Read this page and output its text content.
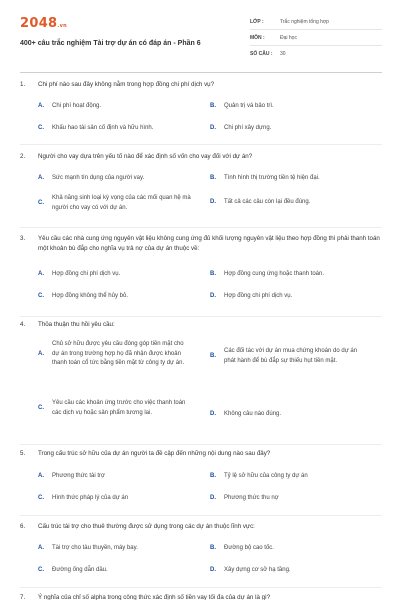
2048.vn
400+ câu trắc nghiệm Tài trợ dự án có đáp án - Phần 6
LỚP :	Trắc nghiệm tổng hợp
MÔN :	Đại học
SỐ CÂU :	30
1.	Chi phí nào sau đây không nằm trong hợp đồng chi phí dịch vụ?
A.	Chi phí hoạt động.	B.	Quản trị và bảo trì.
C.	Khấu hao tài sản cố định và hữu hình.	D.	Chi phí xây dựng.
2.	Người cho vay dựa trên yếu tố nào để xác định số vốn cho vay đối với dự án?
A.	Sức mạnh tín dụng của người vay.	B.	Tình hình thị trường tiền tệ hiện đại.
C.
Khả năng sinh loại kỳ vọng của các mối quan hệ mà người cho vay có với dự án.
D.	Tất cả các câu còn lại đều đúng.
3.	Yêu cầu các nhà cung ứng nguyên vật liệu không cung ứng đủ khối lượng nguyên vật liệu theo hợp đồng thì phải thanh toán một khoản bù đắp cho nghĩa vụ trả nợ của dự án thuộc về:
A.	Hợp đồng chi phí dịch vụ.	B.	Hợp đồng cung ứng hoặc thanh toán.
C.	Hợp đồng không thể hủy bỏ.	D.	Hợp đồng chi phí dịch vụ.
4.	Thỏa thuận thu hồi yêu cầu:
A.
Chủ sở hữu được yêu cầu đóng góp tiền mặt cho dự án trong trường hợp họ đã nhận được khoản thanh toán cổ tức bằng tiền mặt từ công ty dự án.
B.
Các đối tác với dự án mua chứng khoán do dự án phát hành để bù đắp sự thiếu hụt tiền mặt.
C.
Yêu cầu các khoản ứng trước cho việc thanh toán các dịch vụ hoặc sản phẩm tương lai.	D.	Không câu nào đúng.
5.	Trong cấu trúc sở hữu của dự án người ta đề cập đến những nội dung nào sau đây?
A.	Phương thức tài trợ	B.	Tỷ lệ sở hữu của công ty dự án
C.	Hình thức pháp lý của dự án	D.	Phương thức thu nợ
6.	Cấu trúc tài trợ cho thuê thường được sử dụng trong các dự án thuộc lĩnh vực:
A.	Tài trợ cho tàu thuyền, máy bay.	B.	Đường bộ cao tốc.
C.	Đường ống dẫn dầu.	D.	Xây dựng cơ sở hạ tầng.
7.	Ý nghĩa của chỉ số alpha trong công thức xác định số tiền vay tối đa của dự án là gì?
